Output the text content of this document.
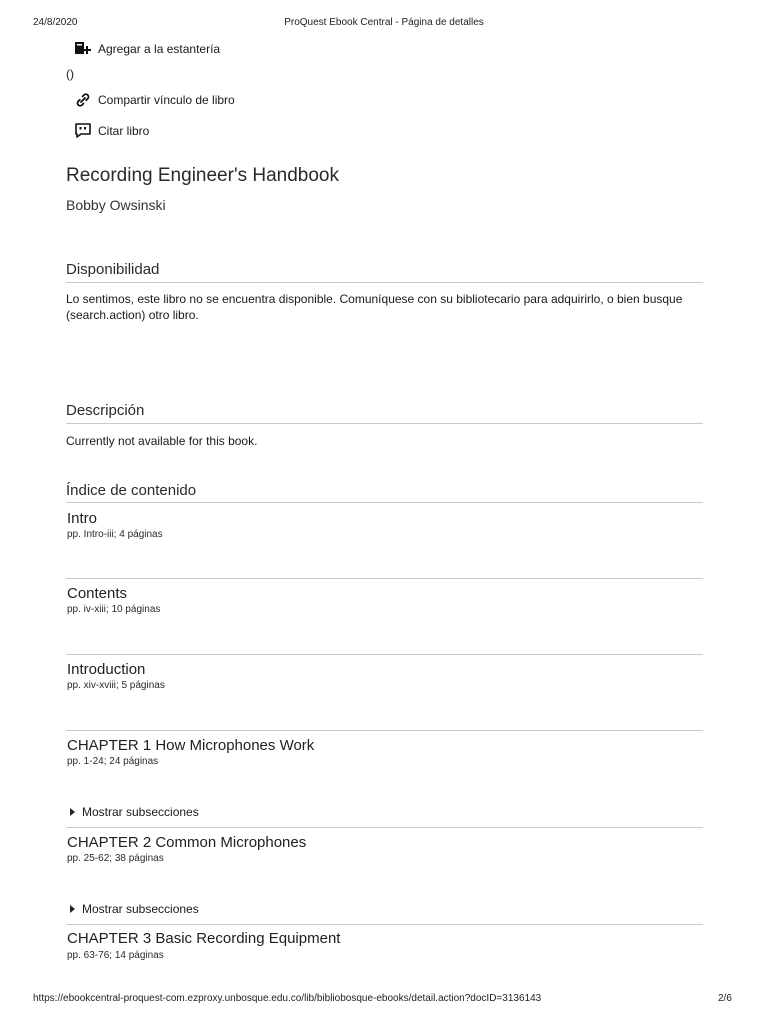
24/8/2020	ProQuest Ebook Central - Página de detalles
Agregar a la estantería
()
Compartir vínculo de libro
Citar libro
Recording Engineer's Handbook
Bobby Owsinski
Disponibilidad
Lo sentimos, este libro no se encuentra disponible. Comuníquese con su bibliotecario para adquirirlo, o bien busque (search.action) otro libro.
Descripción
Currently not available for this book.
Índice de contenido
Intro
pp. Intro-iii; 4 páginas
Contents
pp. iv-xiii; 10 páginas
Introduction
pp. xiv-xviii; 5 páginas
CHAPTER 1 How Microphones Work
pp. 1-24; 24 páginas
Mostrar subsecciones
CHAPTER 2 Common Microphones
pp. 25-62; 38 páginas
Mostrar subsecciones
CHAPTER 3 Basic Recording Equipment
pp. 63-76; 14 páginas
https://ebookcentral-proquest-com.ezproxy.unbosque.edu.co/lib/bibliobosque-ebooks/detail.action?docID=3136143	2/6
